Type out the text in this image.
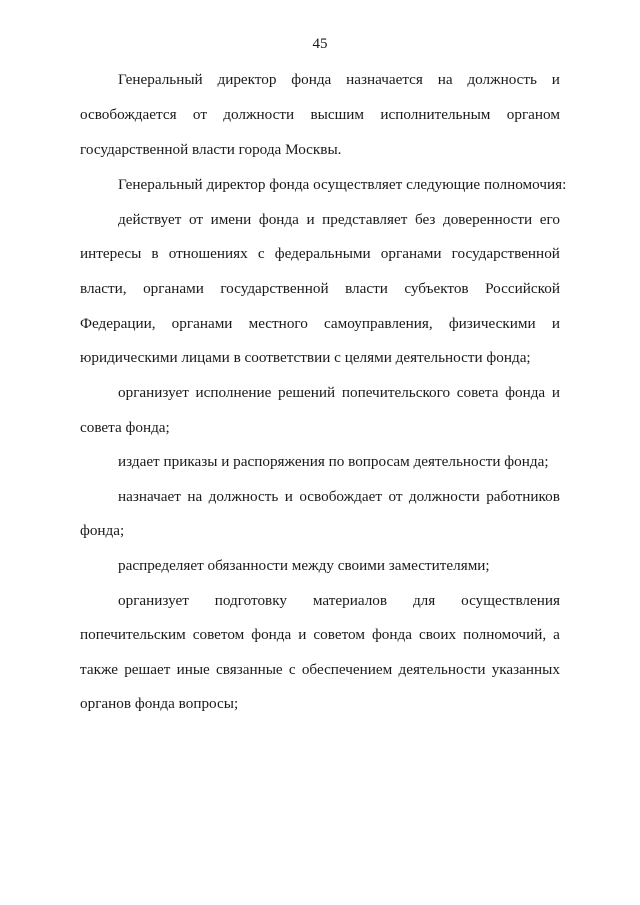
45
Генеральный директор фонда назначается на должность и
освобождается от должности высшим исполнительным органом
государственной власти города Москвы.
Генеральный директор фонда осуществляет следующие полномочия:
действует от имени фонда и представляет без доверенности его
интересы в отношениях с федеральными органами государственной
власти, органами государственной власти субъектов Российской
Федерации, органами местного самоуправления, физическими и
юридическими лицами в соответствии с целями деятельности фонда;
организует исполнение решений попечительского совета фонда и
совета фонда;
издает приказы и распоряжения по вопросам деятельности фонда;
назначает на должность и освобождает от должности работников
фонда;
распределяет обязанности между своими заместителями;
организует подготовку материалов для осуществления
попечительским советом фонда и советом фонда своих полномочий, а
также решает иные связанные с обеспечением деятельности указанных
органов фонда вопросы;
